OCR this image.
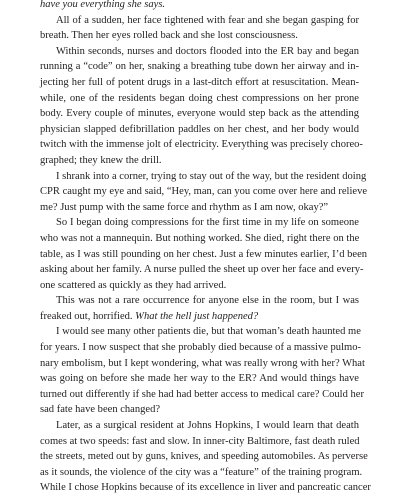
have you everything she says.
All of a sudden, her face tightened with fear and she began gasping for
breath. Then her eyes rolled back and she lost consciousness.
Within seconds, nurses and doctors flooded into the ER bay and began
running a “code” on her, snaking a breathing tube down her airway and in-
jecting her full of potent drugs in a last-ditch effort at resuscitation. Mean-
while, one of the residents began doing chest compressions on her prone
body. Every couple of minutes, everyone would step back as the attending
physician slapped defibrillation paddles on her chest, and her body would
twitch with the immense jolt of electricity. Everything was precisely choreo-
graphed; they knew the drill.
I shrank into a corner, trying to stay out of the way, but the resident doing
CPR caught my eye and said, “Hey, man, can you come over here and relieve
me? Just pump with the same force and rhythm as I am now, okay?”
So I began doing compressions for the first time in my life on someone
who was not a mannequin. But nothing worked. She died, right there on the
table, as I was still pounding on her chest. Just a few minutes earlier, I’d been
asking about her family. A nurse pulled the sheet up over her face and every-
one scattered as quickly as they had arrived.
This was not a rare occurrence for anyone else in the room, but I was
freaked out, horrified. What the hell just happened?
I would see many other patients die, but that woman’s death haunted me
for years. I now suspect that she probably died because of a massive pulmo-
nary embolism, but I kept wondering, what was really wrong with her? What
was going on before she made her way to the ER? And would things have
turned out differently if she had had better access to medical care? Could her
sad fate have been changed?
Later, as a surgical resident at Johns Hopkins, I would learn that death
comes at two speeds: fast and slow. In inner-city Baltimore, fast death ruled
the streets, meted out by guns, knives, and speeding automobiles. As perverse
as it sounds, the violence of the city was a “feature” of the training program.
While I chose Hopkins because of its excellence in liver and pancreatic cancer
